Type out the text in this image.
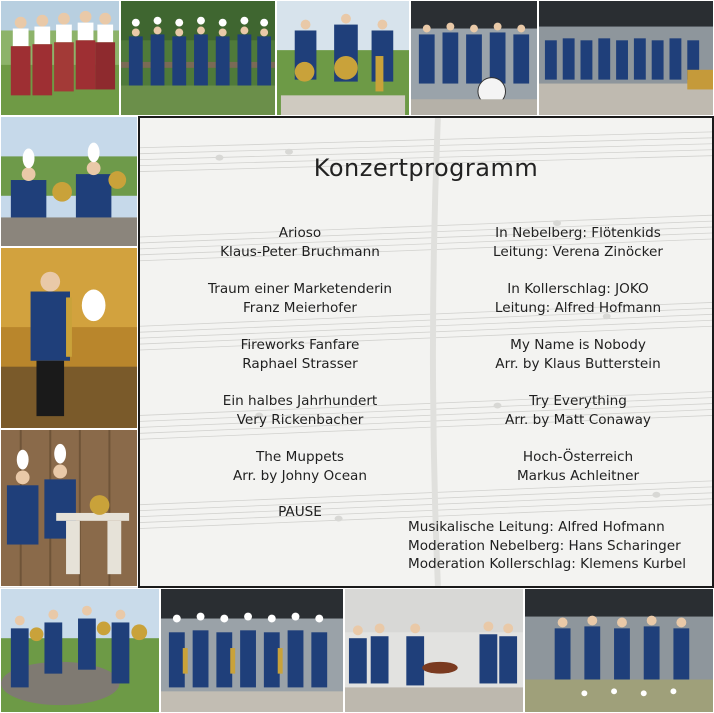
Konzertprogramm
Arioso
Klaus-Peter Bruchmann
Traum einer Marketenderin
Franz Meierhofer
Fireworks Fanfare
Raphael Strasser
Ein halbes Jahrhundert
Very Rickenbacher
The Muppets
Arr. by Johny Ocean
PAUSE
In Nebelberg: Flötenkids
Leitung: Verena Zinöcker
In Kollerschlag: JOKO
Leitung: Alfred Hofmann
My Name is Nobody
Arr. by Klaus Butterstein
Try Everything
Arr. by Matt Conaway
Hoch-Österreich
Markus Achleitner
Musikalische Leitung: Alfred Hofmann
Moderation Nebelberg: Hans Scharinger
Moderation Kollerschlag: Klemens Kurbel
